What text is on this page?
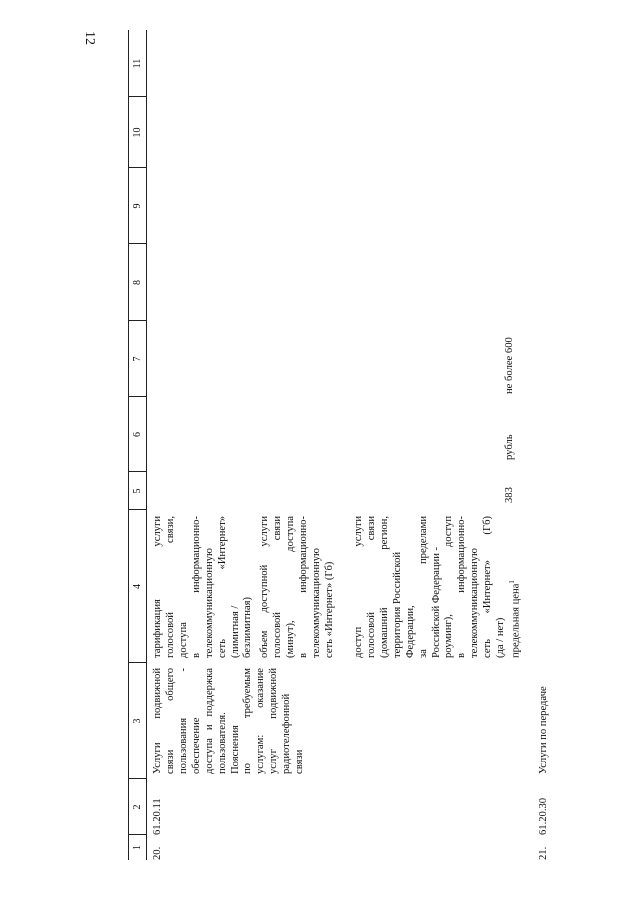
12
1
2
3
4
5
6
7
8
9
10
11
20.
61.20.11
Услуги подвижной связи общего пользования - обеспечение доступа и поддержка пользователя. Пояснения по требуемым услугам: оказание услуг подвижной радиотелефонной связи
тарификация услуги голосовой связи, доступа в информационно- телекоммуникационную сеть «Интернет» (лимитная / безлимитная) объем доступной услуги голосовой связи (минут), доступа в информационно- телекоммуникационную сеть «Интернет» (Гб) доступ услуги голосовой связи (домашний регион, территория Российской Федерации, за пределами Российской Федерации - роуминг), доступ в информационно- телекоммуникационную сеть «Интернет» (Гб) (да / нет) предельная цена$^1$
383
рубль
не более 600
21.
61.20.30
Услуги по передаче
